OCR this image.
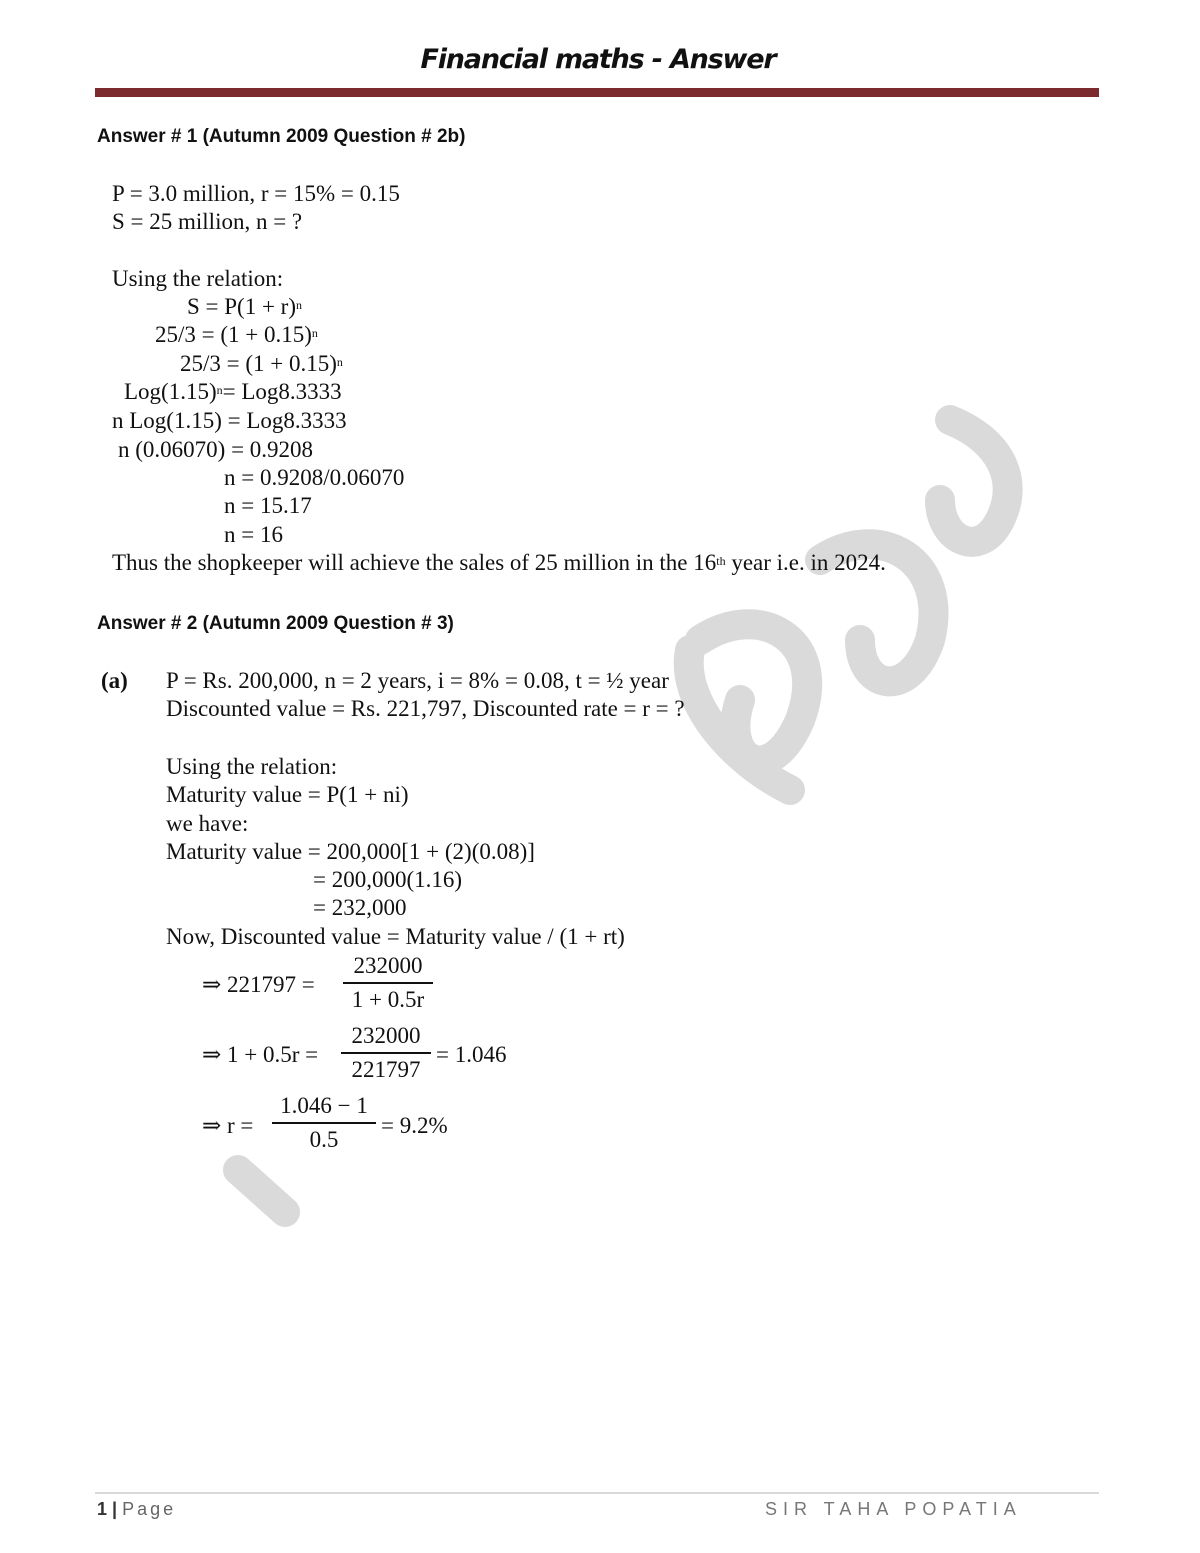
Financial maths - Answer
Answer # 1 (Autumn 2009 Question # 2b)
P = 3.0 million, r = 15% = 0.15
S = 25 million, n = ?
Using the relation:
$S = P(1 + r)^n$
$25/3 = (1 + 0.15)^n$
$25/3 = (1 + 0.15)^n$
$Log(1.15)^n= Log8.3333$
n Log(1.15) = Log8.3333
n (0.06070) = 0.9208
n = 0.9208/0.06070
n = 15.17
n = 16
Thus the shopkeeper will achieve the sales of 25 million in the 16th year i.e. in 2024.
Answer # 2 (Autumn 2009 Question # 3)
(a) P = Rs. 200,000, n = 2 years, i = 8% = 0.08, t = ½ year
Discounted value = Rs. 221,797, Discounted rate = r = ?
Using the relation:
Maturity value = P(1 + ni)
we have:
Maturity value = 200,000[1 + (2)(0.08)]
= 200,000(1.16)
= 232,000
Now, Discounted value = Maturity value / (1 + rt)
⇒ 221797 =
232000
1 + 0.5r
⇒ 1 + 0.5r =
232000
221797
= 1.046
⇒ r =
1.046 − 1
0.5
= 9.2%
1 | Page	SIR TAHA POPATIA
